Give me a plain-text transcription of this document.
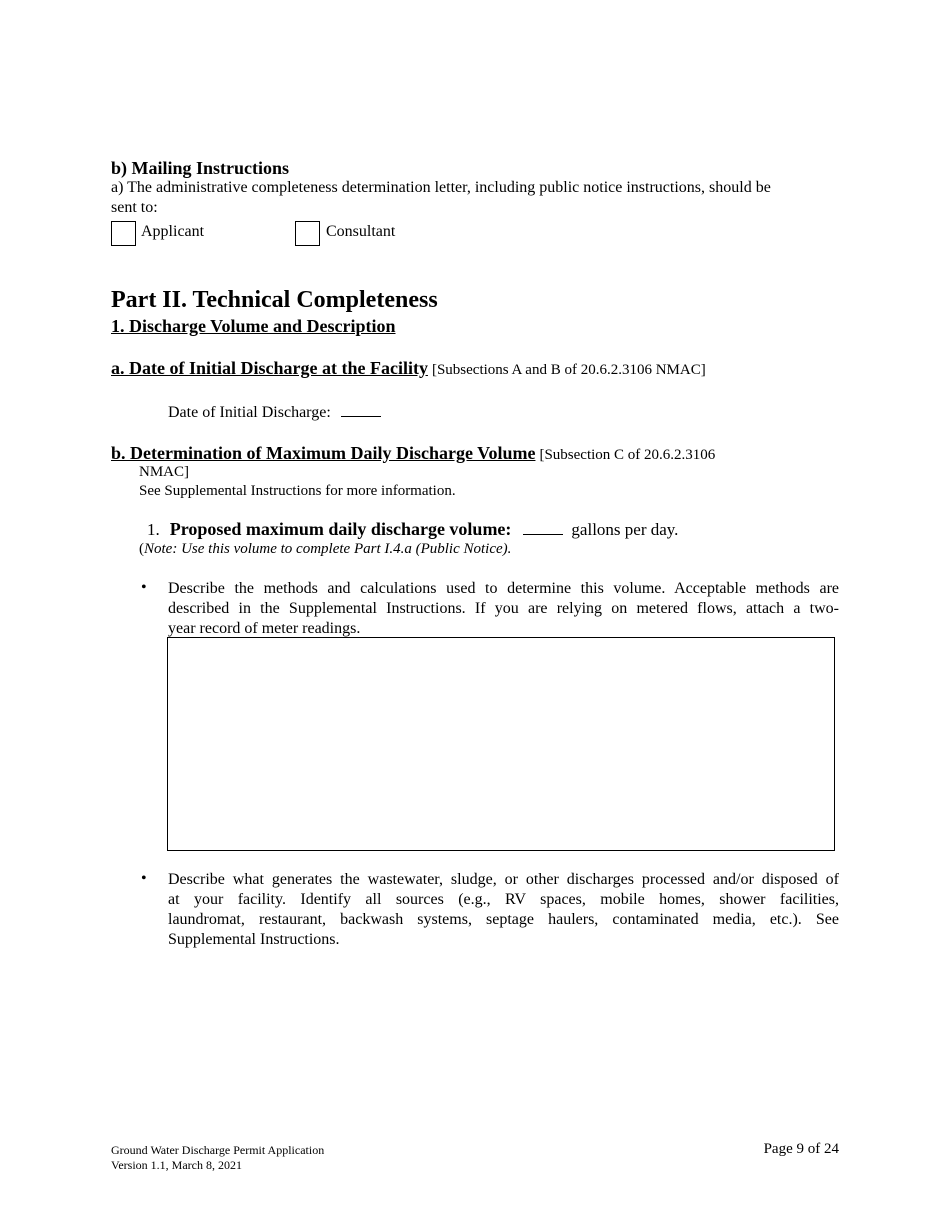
b) Mailing Instructions
a) The administrative completeness determination letter, including public notice instructions, should be
sent to:
Applicant	Consultant
Part II. Technical Completeness
1. Discharge Volume and Description
a. Date of Initial Discharge at the Facility [Subsections A and B of 20.6.2.3106 NMAC]
Date of Initial Discharge:
b. Determination of Maximum Daily Discharge Volume [Subsection C of 20.6.2.3106
NMAC]
See Supplemental Instructions for more information.
1. Proposed maximum daily discharge volume:	gallons per day.
(Note: Use this volume to complete Part I.4.a (Public Notice).
• Describe the methods and calculations used to determine this volume. Acceptable methods are
described in the Supplemental Instructions. If you are relying on metered flows, attach a two-
year record of meter readings.
• Describe what generates the wastewater, sludge, or other discharges processed and/or disposed of
at your facility. Identify all sources (e.g., RV spaces, mobile homes, shower facilities,
laundromat, restaurant, backwash systems, septage haulers, contaminated media, etc.). See
Supplemental Instructions.
Ground Water Discharge Permit Application
Version 1.1, March 8, 2021
Page 9 of 24
